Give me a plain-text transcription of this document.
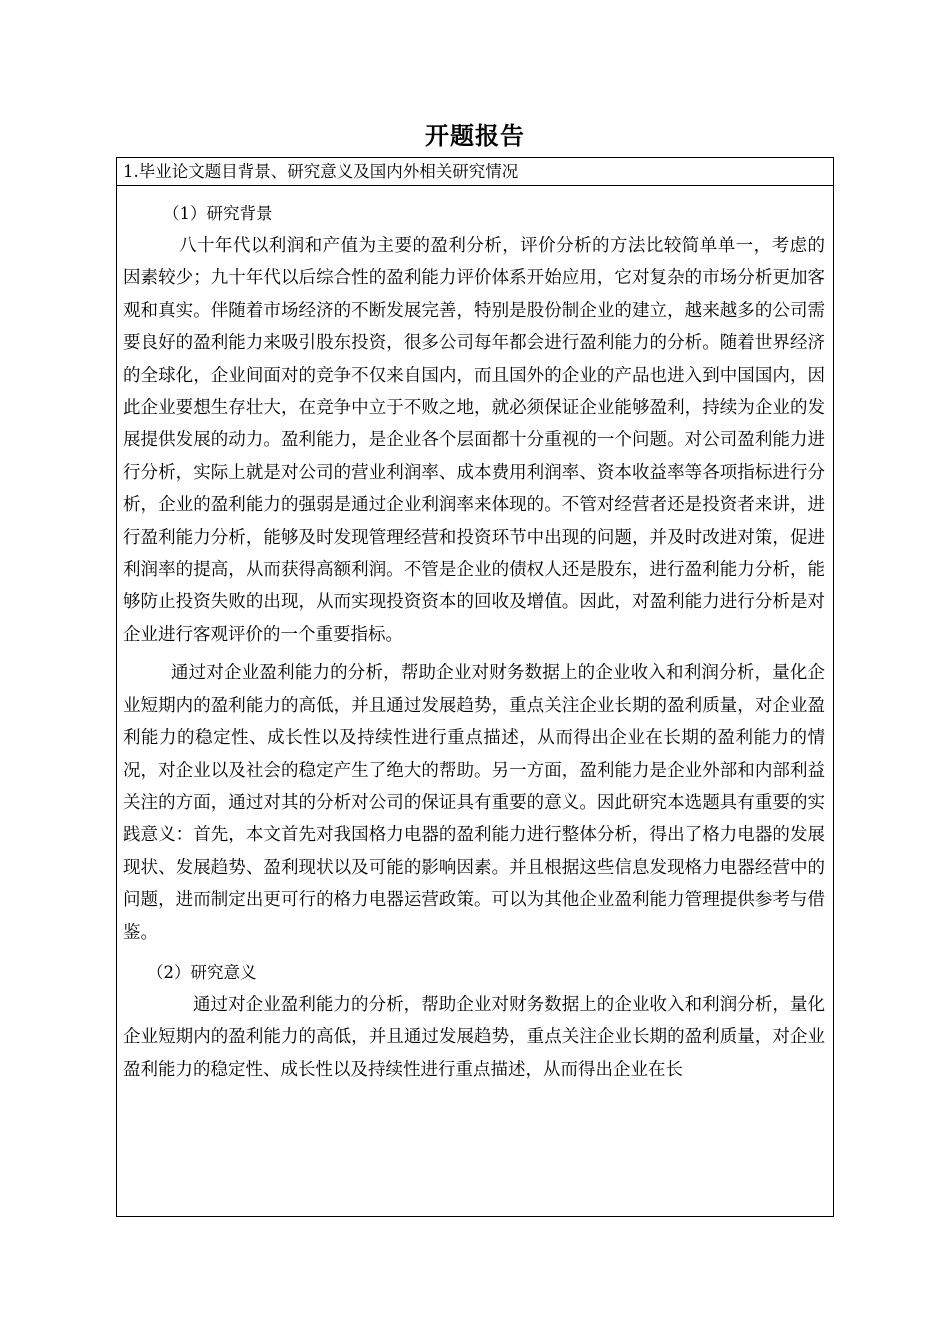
开题报告
1.毕业论文题目背景、研究意义及国内外相关研究情况

（1）研究背景

八十年代以利润和产值为主要的盈利分析，评价分析的方法比较简单单一，考虑的因素较少；九十年代以后综合性的盈利能力评价体系开始应用，它对复杂的市场分析更加客观和真实。伴随着市场经济的不断发展完善，特别是股份制企业的建立，越来越多的公司需要良好的盈利能力来吸引股东投资，很多公司每年都会进行盈利能力的分析。随着世界经济的全球化，企业间面对的竞争不仅来自国内，而且国外的企业的产品也进入到中国国内，因此企业要想生存壮大，在竞争中立于不败之地，就必须保证企业能够盈利，持续为企业的发展提供发展的动力。盈利能力，是企业各个层面都十分重视的一个问题。对公司盈利能力进行分析，实际上就是对公司的营业利润率、成本费用利润率、资本收益率等各项指标进行分析，企业的盈利能力的强弱是通过企业利润率来体现的。不管对经营者还是投资者来讲，进行盈利能力分析，能够及时发现管理经营和投资环节中出现的问题，并及时改进对策，促进利润率的提高，从而获得高额利润。不管是企业的债权人还是股东，进行盈利能力分析，能够防止投资失败的出现，从而实现投资资本的回收及增值。因此，对盈利能力进行分析是对企业进行客观评价的一个重要指标。

通过对企业盈利能力的分析，帮助企业对财务数据上的企业收入和利润分析，量化企业短期内的盈利能力的高低，并且通过发展趋势，重点关注企业长期的盈利质量，对企业盈利能力的稳定性、成长性以及持续性进行重点描述，从而得出企业在长期的盈利能力的情况，对企业以及社会的稳定产生了绝大的帮助。另一方面，盈利能力是企业外部和内部利益关注的方面，通过对其的分析对公司的保证具有重要的意义。因此研究本选题具有重要的实践意义：首先，本文首先对我国格力电器的盈利能力进行整体分析，得出了格力电器的发展现状、发展趋势、盈利现状以及可能的影响因素。并且根据这些信息发现格力电器经营中的问题，进而制定出更可行的格力电器运营政策。可以为其他企业盈利能力管理提供参考与借鉴。

（2）研究意义

通过对企业盈利能力的分析，帮助企业对财务数据上的企业收入和利润分析，量化企业短期内的盈利能力的高低，并且通过发展趋势，重点关注企业长期的盈利质量，对企业盈利能力的稳定性、成长性以及持续性进行重点描述，从而得出企业在长
